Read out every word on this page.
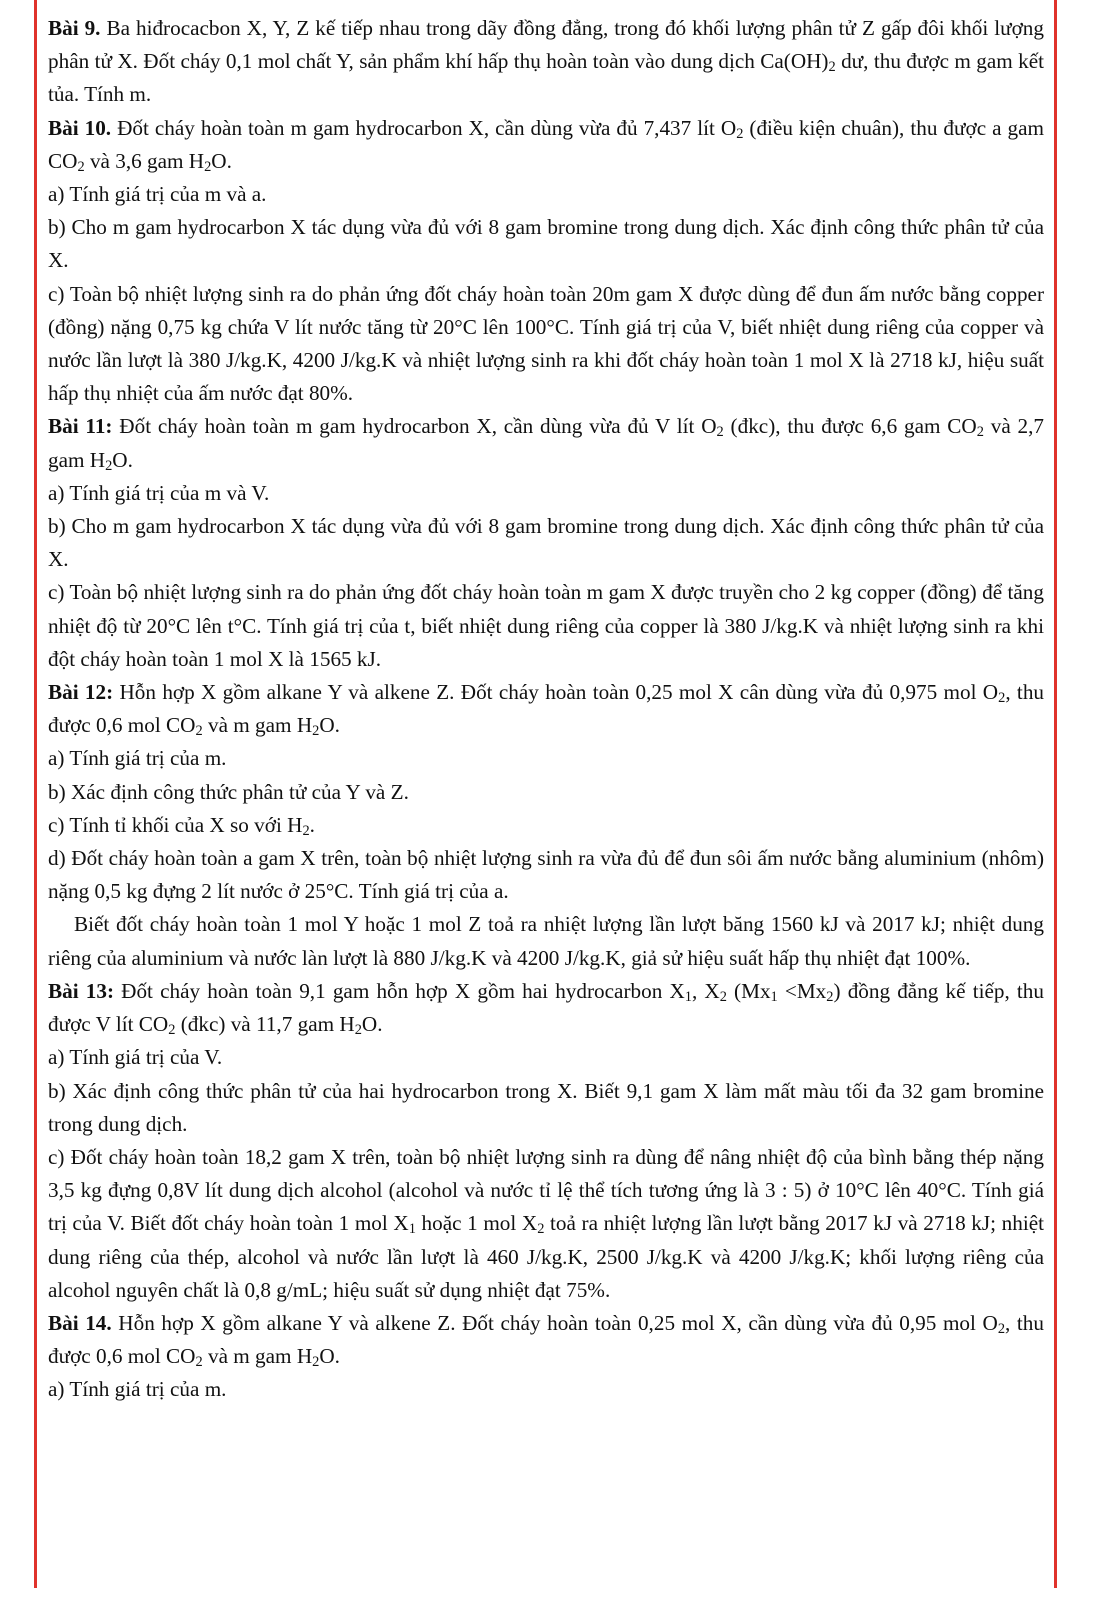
Bài 9. Ba hiđrocacbon X, Y, Z kế tiếp nhau trong dãy đồng đẳng, trong đó khối lượng phân tử Z gấp đôi khối lượng phân tử X. Đốt cháy 0,1 mol chất Y, sản phẩm khí hấp thụ hoàn toàn vào dung dịch $Ca(OH)_2$ dư, thu được m gam kết tủa. Tính m.

Bài 10. Đốt cháy hoàn toàn m gam hydrocarbon X, cần dùng vừa đủ 7,437 lít $O_2$ (điều kiện chuân), thu được a gam $CO_2$ và 3,6 gam $H_2O$.

a) Tính giá trị của m và a.

b) Cho m gam hydrocarbon X tác dụng vừa đủ với 8 gam bromine trong dung dịch. Xác định công thức phân tử của X.

c) Toàn bộ nhiệt lượng sinh ra do phản ứng đốt cháy hoàn toàn 20m gam X được dùng để đun ấm nước bằng copper (đồng) nặng 0,75 kg chứa V lít nước tăng từ 20°C lên 100°C. Tính giá trị của V, biết nhiệt dung riêng của copper và nước lần lượt là 380 J/kg.K, 4200 J/kg.K và nhiệt lượng sinh ra khi đốt cháy hoàn toàn 1 mol X là 2718 kJ, hiệu suất hấp thụ nhiệt của ấm nước đạt 80%.

Bài 11: Đốt cháy hoàn toàn m gam hydrocarbon X, cần dùng vừa đủ V lít $O_2$ (đkc), thu được 6,6 gam $CO_2$ và 2,7 gam $H_2O$.

a) Tính giá trị của m và V.

b) Cho m gam hydrocarbon X tác dụng vừa đủ với 8 gam bromine trong dung dịch. Xác định công thức phân tử của X.

c) Toàn bộ nhiệt lượng sinh ra do phản ứng đốt cháy hoàn toàn m gam X được truyền cho 2 kg copper (đồng) để tăng nhiệt độ từ 20°C lên t°C. Tính giá trị của t, biết nhiệt dung riêng của copper là 380 J/kg.K và nhiệt lượng sinh ra khi đột cháy hoàn toàn 1 mol X là 1565 kJ.

Bài 12: Hỗn hợp X gồm alkane Y và alkene Z. Đốt cháy hoàn toàn 0,25 mol X cân dùng vừa đủ 0,975 mol $O_2$, thu được 0,6 mol $CO_2$ và m gam $H_2O$.

a) Tính giá trị của m.

b) Xác định công thức phân tử của Y và Z.

c) Tính tỉ khối của X so với $H_2$.

d) Đốt cháy hoàn toàn a gam X trên, toàn bộ nhiệt lượng sinh ra vừa đủ để đun sôi ấm nước bằng aluminium (nhôm) nặng 0,5 kg đựng 2 lít nước ở 25°C. Tính giá trị của a.

Biết đốt cháy hoàn toàn 1 mol Y hoặc 1 mol Z toả ra nhiệt lượng lần lượt băng 1560 kJ và 2017 kJ; nhiệt dung riêng của aluminium và nước làn lượt là 880 J/kg.K và 4200 J/kg.K, giả sử hiệu suất hấp thụ nhiệt đạt 100%.

Bài 13: Đốt cháy hoàn toàn 9,1 gam hỗn hợp X gồm hai hydrocarbon $X_1$, $X_2$ $(Mx_1 <Mx_2)$ đồng đẳng kế tiếp, thu được V lít $CO_2$ (đkc) và 11,7 gam $H_2O$.

a) Tính giá trị của V.

b) Xác định công thức phân tử của hai hydrocarbon trong X. Biết 9,1 gam X làm mất màu tối đa 32 gam bromine trong dung dịch.

c) Đốt cháy hoàn toàn 18,2 gam X trên, toàn bộ nhiệt lượng sinh ra dùng để nâng nhiệt độ của bình bằng thép nặng 3,5 kg đựng 0,8V lít dung dịch alcohol (alcohol và nước tỉ lệ thể tích tương ứng là 3 : 5) ở 10°C lên 40°C. Tính giá trị của V. Biết đốt cháy hoàn toàn 1 mol $X_1$ hoặc 1 mol $X_2$ toả ra nhiệt lượng lần lượt bằng 2017 kJ và 2718 kJ; nhiệt dung riêng của thép, alcohol và nước lần lượt là 460 J/kg.K, 2500 J/kg.K và 4200 J/kg.K; khối lượng riêng của alcohol nguyên chất là 0,8 g/mL; hiệu suất sử dụng nhiệt đạt 75%.

Bài 14. Hỗn hợp X gồm alkane Y và alkene Z. Đốt cháy hoàn toàn 0,25 mol X, cần dùng vừa đủ 0,95 mol $O_2$, thu được 0,6 mol $CO_2$ và m gam $H_2O$.

a) Tính giá trị của m.
